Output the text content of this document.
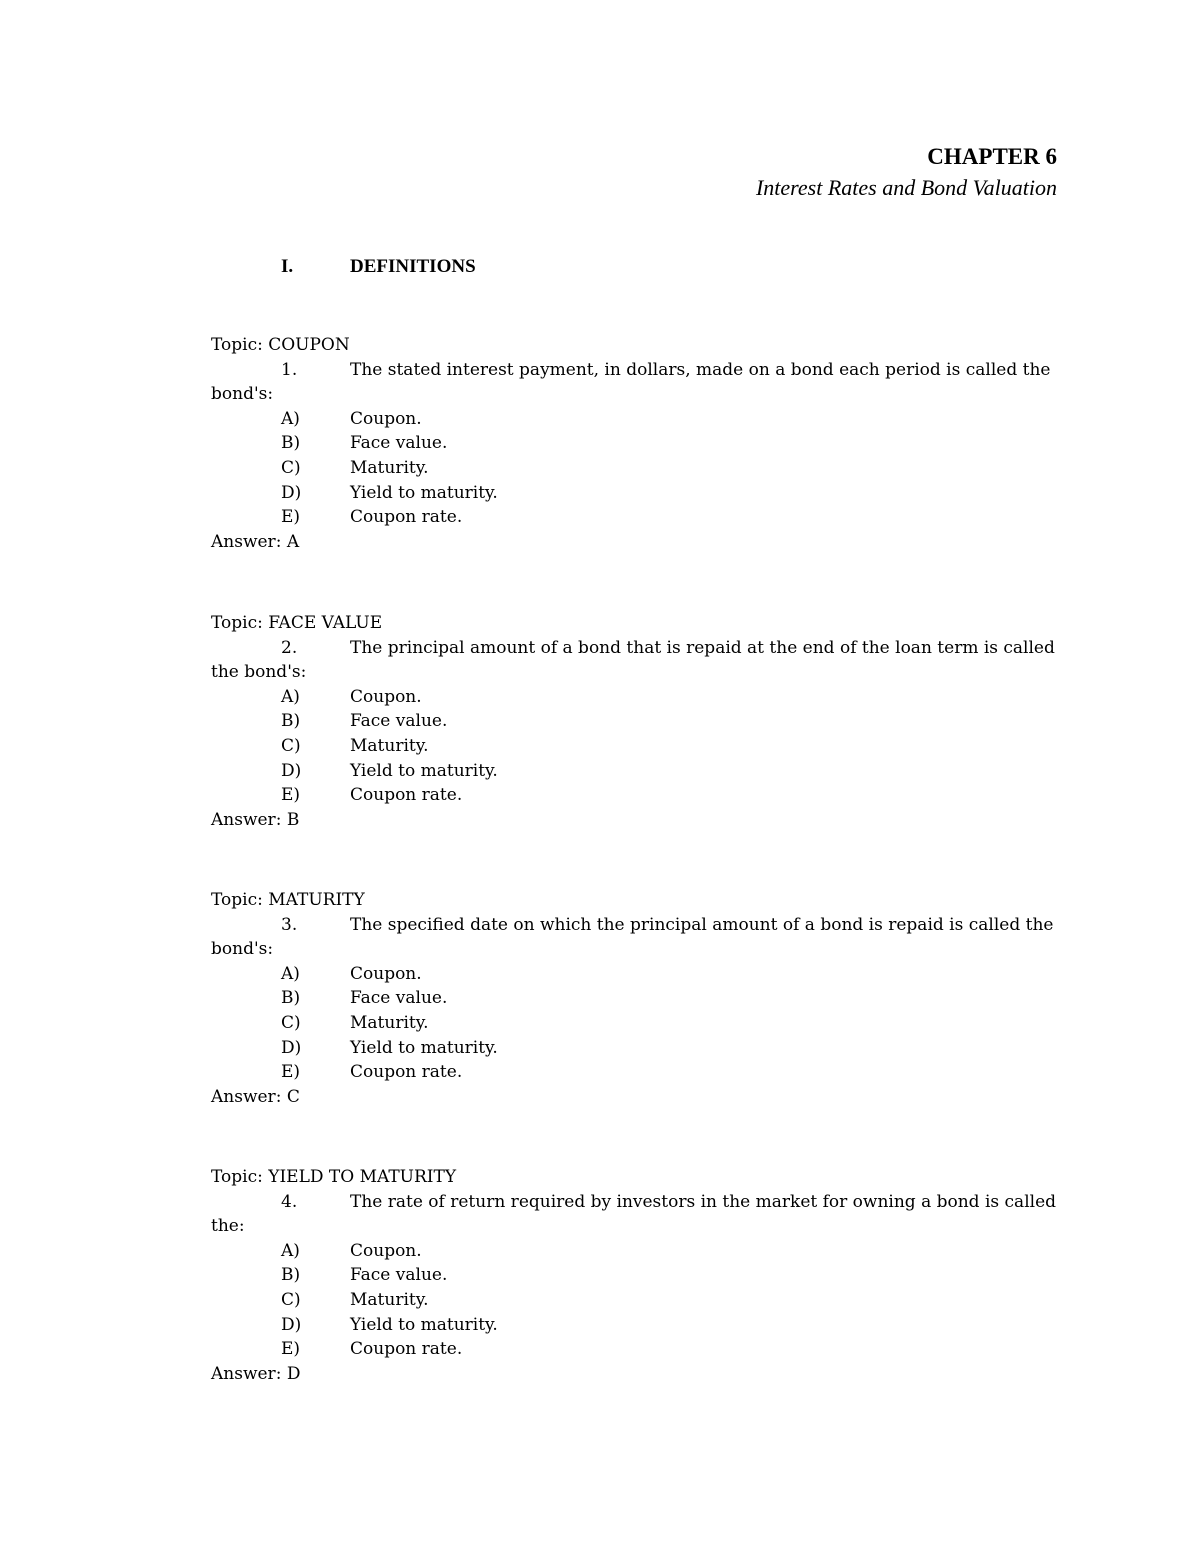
CHAPTER 6
Interest Rates and Bond Valuation
I.	DEFINITIONS
Topic: COUPON
1.	The stated interest payment, in dollars, made on a bond each period is called the
bond's:
A)	Coupon.
B)	Face value.
C)	Maturity.
D)	Yield to maturity.
E)	Coupon rate.
Answer: A
Topic: FACE VALUE
2.	The principal amount of a bond that is repaid at the end of the loan term is called
the bond's:
A)	Coupon.
B)	Face value.
C)	Maturity.
D)	Yield to maturity.
E)	Coupon rate.
Answer: B
Topic: MATURITY
3.	The specified date on which the principal amount of a bond is repaid is called the
bond's:
A)	Coupon.
B)	Face value.
C)	Maturity.
D)	Yield to maturity.
E)	Coupon rate.
Answer: C
Topic: YIELD TO MATURITY
4.	The rate of return required by investors in the market for owning a bond is called
the:
A)	Coupon.
B)	Face value.
C)	Maturity.
D)	Yield to maturity.
E)	Coupon rate.
Answer: D
